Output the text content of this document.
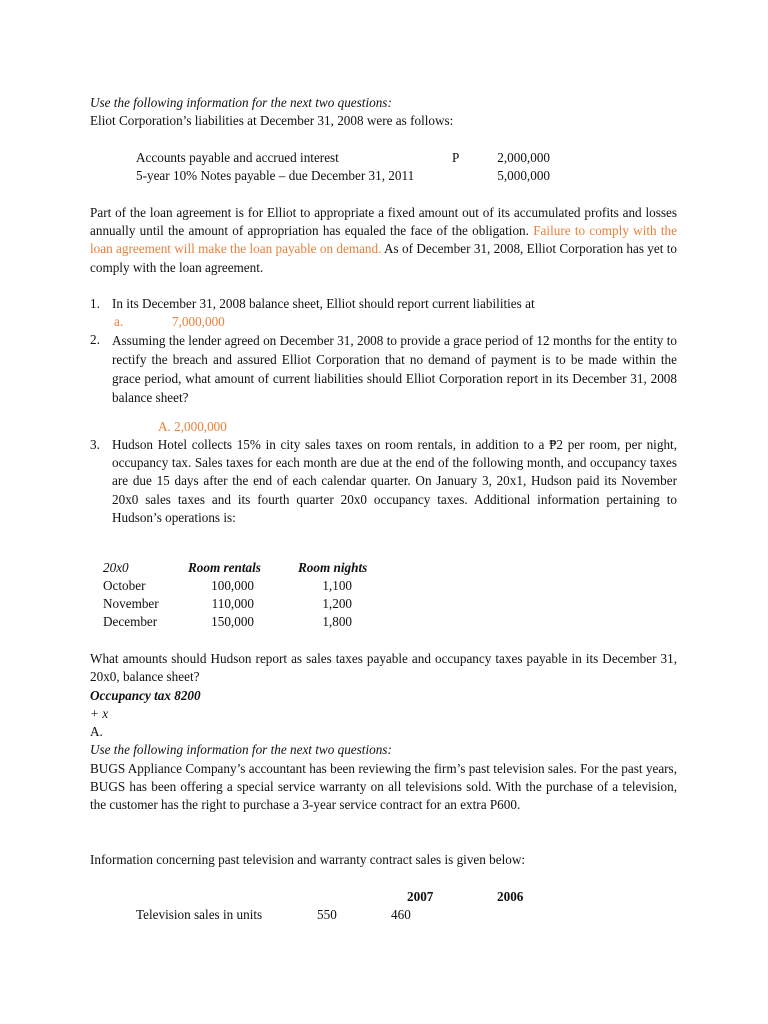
Use the following information for the next two questions:
Eliot Corporation’s liabilities at December 31, 2008 were as follows:
Accounts payable and accrued interest	P	2,000,000
5-year 10% Notes payable – due December 31, 2011	5,000,000
Part of the loan agreement is for Elliot to appropriate a fixed amount out of its accumulated profits and losses annually until the amount of appropriation has equaled the face of the obligation. Failure to comply with the loan agreement will make the loan payable on demand. As of December 31, 2008, Elliot Corporation has yet to comply with the loan agreement.
1. In its December 31, 2008 balance sheet, Elliot should report current liabilities at
a.	7,000,000
2. Assuming the lender agreed on December 31, 2008 to provide a grace period of 12 months for the entity to rectify the breach and assured Elliot Corporation that no demand of payment is to be made within the grace period, what amount of current liabilities should Elliot Corporation report in its December 31, 2008 balance sheet?
A. 2,000,000
3. Hudson Hotel collects 15% in city sales taxes on room rentals, in addition to a ₱2 per room, per night, occupancy tax. Sales taxes for each month are due at the end of the following month, and occupancy taxes are due 15 days after the end of each calendar quarter. On January 3, 20x1, Hudson paid its November 20x0 sales taxes and its fourth quarter 20x0 occupancy taxes. Additional information pertaining to Hudson’s operations is:
20x0	Room rentals	Room nights
October	100,000	1,100
November	110,000	1,200
December	150,000	1,800
What amounts should Hudson report as sales taxes payable and occupancy taxes payable in its December 31, 20x0, balance sheet?
Occupancy tax 8200
+ x
A.
Use the following information for the next two questions:
BUGS Appliance Company’s accountant has been reviewing the firm’s past television sales. For the past years, BUGS has been offering a special service warranty on all televisions sold. With the purchase of a television, the customer has the right to purchase a 3-year service contract for an extra P600.
Information concerning past television and warranty contract sales is given below:
2007	2006
Television sales in units	550	460
